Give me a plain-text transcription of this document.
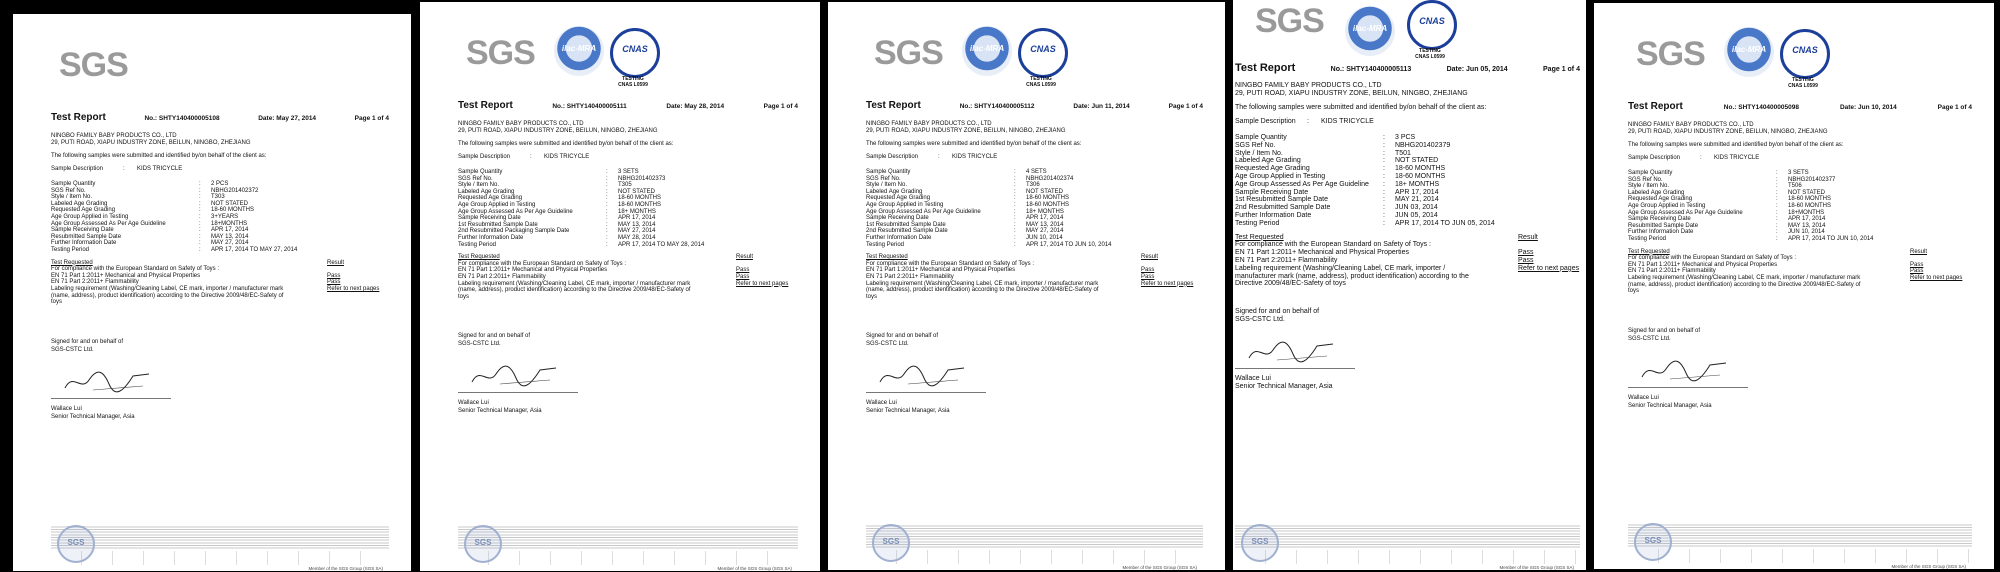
SGS
Test Report	No.: SHTY140400005108	Date: May 27, 2014	Page 1 of 4
NINGBO FAMILY BABY PRODUCTS CO., LTD
29, PUTI ROAD, XIAPU INDUSTRY ZONE, BEILUN, NINGBO, ZHEJIANG
The following samples were submitted and identified by/on behalf of the client as:
Sample Description	:	KIDS TRICYCLE
Sample Quantity	:	2 PCS
SGS Ref No.	:	NBHG201402372
Style / Item No.	:	T303
Labeled Age Grading	:	NOT STATED
Requested Age Grading	:	18-60 MONTHS
Age Group Applied in Testing	:	3+YEARS
Age Group Assessed As Per Age Guideline	:	18+MONTHS
Sample Receiving Date	:	APR 17, 2014
Resubmitted Sample Date	:	MAY 13, 2014
Further Information Date	:	MAY 27, 2014
Testing Period	:	APR 17, 2014 TO MAY 27, 2014
Test Requested	Result
For compliance with the European Standard on Safety of Toys :
EN 71 Part 1:2011+ Mechanical and Physical Properties	Pass
EN 71 Part 2:2011+ Flammability	Pass
Labeling requirement (Washing/Cleaning Label, CE mark, importer / manufacturer mark (name, address), product identification) according to the Directive 2009/48/EC-Safety of toys
Refer to next pages
Signed for and on behalf of
SGS-CSTC Ltd.
Wallace Lui
Senior Technical Manager, Asia
SGS
Member of the SGS Group (SGS SA)
SGS	ilac-MRA	CNAS
TESTING
CNAS L0599
Test Report	No.: SHTY140400005111	Date: May 28, 2014	Page 1 of 4
NINGBO FAMILY BABY PRODUCTS CO., LTD
29, PUTI ROAD, XIAPU INDUSTRY ZONE, BEILUN, NINGBO, ZHEJIANG
The following samples were submitted and identified by/on behalf of the client as:
Sample Description	:	KIDS TRICYCLE
Sample Quantity	:	3 SETS
SGS Ref No.	:	NBHG201402373
Style / Item No.	:	T305
Labeled Age Grading	:	NOT STATED
Requested Age Grading	:	18-60 MONTHS
Age Group Applied in Testing	:	18-60 MONTHS
Age Group Assessed As Per Age Guideline	:	18+ MONTHS
Sample Receiving Date	:	APR 17, 2014
1st Resubmitted Sample Date	:	MAY 13, 2014
2nd Resubmitted Packaging Sample Date	:	MAY 27, 2014
Further Information Date	:	MAY 28, 2014
Testing Period	:	APR 17, 2014 TO MAY 28, 2014
Test Requested	Result
For compliance with the European Standard on Safety of Toys :
EN 71 Part 1:2011+ Mechanical and Physical Properties	Pass
EN 71 Part 2:2011+ Flammability	Pass
Labeling requirement (Washing/Cleaning Label, CE mark, importer / manufacturer mark (name, address), product identification) according to the Directive 2009/48/EC-Safety of toys
Refer to next pages
Signed for and on behalf of
SGS-CSTC Ltd.
Wallace Lui
Senior Technical Manager, Asia
SGS
Member of the SGS Group (SGS SA)
SGS	ilac-MRA	CNAS
TESTING
CNAS L0599
Test Report	No.: SHTY140400005112	Date: Jun 11, 2014	Page 1 of 4
NINGBO FAMILY BABY PRODUCTS CO., LTD
29, PUTI ROAD, XIAPU INDUSTRY ZONE, BEILUN, NINGBO, ZHEJIANG
The following samples were submitted and identified by/on behalf of the client as:
Sample Description	:	KIDS TRICYCLE
Sample Quantity	:	4 SETS
SGS Ref No.	:	NBHG201402374
Style / Item No.	:	T306
Labeled Age Grading	:	NOT STATED
Requested Age Grading	:	18-60 MONTHS
Age Group Applied in Testing	:	18-60 MONTHS
Age Group Assessed As Per Age Guideline	:	18+ MONTHS
Sample Receiving Date	:	APR 17, 2014
1st Resubmitted Sample Date	:	MAY 13, 2014
2nd Resubmitted Sample Date	:	MAY 27, 2014
Further Information Date	:	JUN 10, 2014
Testing Period	:	APR 17, 2014 TO JUN 10, 2014
Test Requested	Result
For compliance with the European Standard on Safety of Toys :
EN 71 Part 1:2011+ Mechanical and Physical Properties	Pass
EN 71 Part 2:2011+ Flammability	Pass
Labeling requirement (Washing/Cleaning Label, CE mark, importer / manufacturer mark (name, address), product identification) according to the Directive 2009/48/EC-Safety of toys
Refer to next pages
Signed for and on behalf of
SGS-CSTC Ltd.
Wallace Lui
Senior Technical Manager, Asia
SGS
Member of the SGS Group (SGS SA)
SGS	ilac-MRA
CNAS
TESTING
CNAS L0599
Test Report	No.: SHTY140400005113	Date: Jun 05, 2014	Page 1 of 4
NINGBO FAMILY BABY PRODUCTS CO., LTD
29, PUTI ROAD, XIAPU INDUSTRY ZONE, BEILUN, NINGBO, ZHEJIANG
The following samples were submitted and identified by/on behalf of the client as:
Sample Description	:	KIDS TRICYCLE
Sample Quantity	:	3 PCS
SGS Ref No.	:	NBHG201402379
Style / Item No.	:	T501
Labeled Age Grading	:	NOT STATED
Requested Age Grading	:	18-60 MONTHS
Age Group Applied in Testing	:	18-60 MONTHS
Age Group Assessed As Per Age Guideline	:	18+ MONTHS
Sample Receiving Date	:	APR 17, 2014
1st Resubmitted Sample Date	:	MAY 21, 2014
2nd Resubmitted Sample Date	:	JUN 03, 2014
Further Information Date	:	JUN 05, 2014
Testing Period	:	APR 17, 2014 TO JUN 05, 2014
Test Requested	Result
For compliance with the European Standard on Safety of Toys :
EN 71 Part 1:2011+ Mechanical and Physical Properties	Pass
EN 71 Part 2:2011+ Flammability	Pass
Labeling requirement (Washing/Cleaning Label, CE mark, importer / manufacturer mark (name, address), product identification) according to the Directive 2009/48/EC-Safety of toys
Refer to next pages
Signed for and on behalf of
SGS-CSTC Ltd.
Wallace Lui
Senior Technical Manager, Asia
SGS
Member of the SGS Group (SGS SA)
SGS	ilac-MRA	CNAS
TESTING
CNAS L0599
Test Report	No.: SHTY140400005098	Date: Jun 10, 2014	Page 1 of 4
NINGBO FAMILY BABY PRODUCTS CO., LTD
29, PUTI ROAD, XIAPU INDUSTRY ZONE, BEILUN, NINGBO, ZHEJIANG
The following samples were submitted and identified by/on behalf of the client as:
Sample Description	:	KIDS TRICYCLE
Sample Quantity	:	3 SETS
SGS Ref No.	:	NBHG201402377
Style / Item No.	:	T506
Labeled Age Grading	:	NOT STATED
Requested Age Grading	:	18-60 MONTHS
Age Group Applied in Testing	:	18-60 MONTHS
Age Group Assessed As Per Age Guideline	:	18+MONTHS
Sample Receiving Date	:	APR 17, 2014
Resubmitted Sample Date	:	MAY 13, 2014
Further Information Date	:	JUN 10, 2014
Testing Period	:	APR 17, 2014 TO JUN 10, 2014
Test Requested	Result
For compliance with the European Standard on Safety of Toys :
EN 71 Part 1:2011+ Mechanical and Physical Properties	Pass
EN 71 Part 2:2011+ Flammability	Pass
Labeling requirement (Washing/Cleaning Label, CE mark, importer / manufacturer mark (name, address), product identification) according to the Directive 2009/48/EC-Safety of toys
Refer to next pages
Signed for and on behalf of
SGS-CSTC Ltd.
Wallace Lui
Senior Technical Manager, Asia
SGS
Member of the SGS Group (SGS SA)
